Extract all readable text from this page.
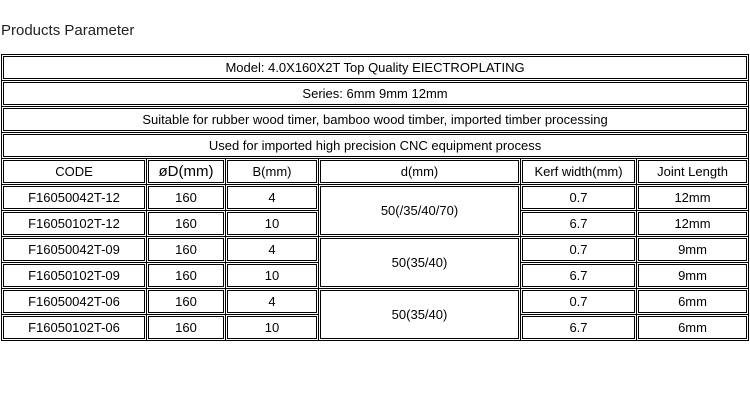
Products Parameter
Model: 4.0X160X2T Top Quality EIECTROPLATING					
Series: 6mm 9mm 12mm					
Suitable for rubber wood timer, bamboo wood timber, imported timber processing					
Used for imported high precision CNC equipment process					
CODE	øD(mm)	B(mm)	d(mm)	Kerf width(mm)	Joint Length
F16050042T-12	160	4	50(/35/40/70)	0.7	12mm
F16050102T-12	160	10		6.7	12mm
F16050042T-09	160	4	50(35/40)	0.7	9mm
F16050102T-09	160	10		6.7	9mm
F16050042T-06	160	4	50(35/40)	0.7	6mm
F16050102T-06	160	10		6.7	6mm
